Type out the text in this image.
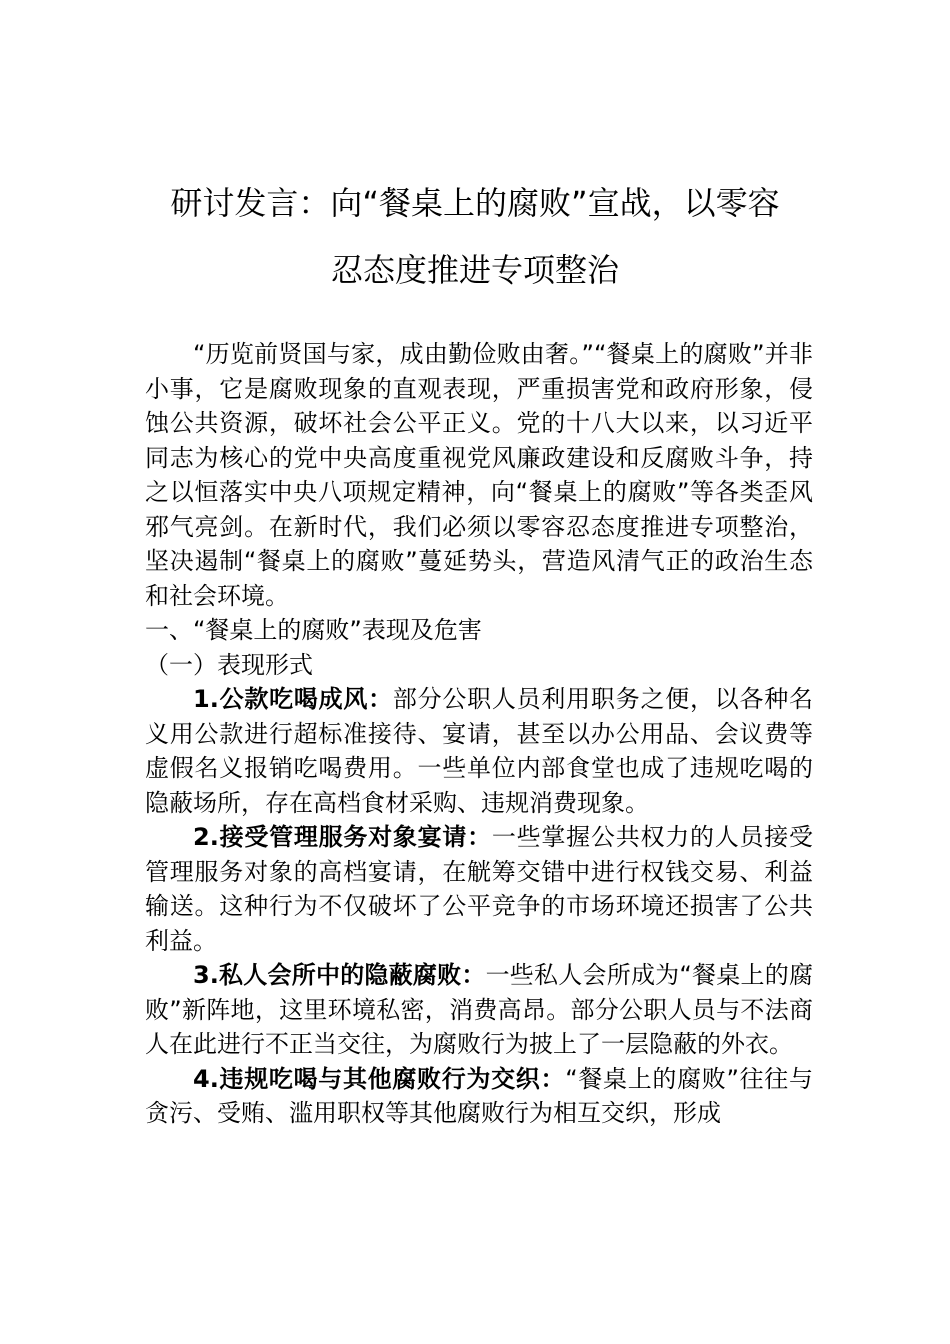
研讨发言：向“餐桌上的腐败”宣战，以零容
忍态度推进专项整治

“历览前贤国与家，成由勤俭败由奢。”“餐桌上的腐败”并非小事，它是腐败现象的直观表现，严重损害党和政府形象，侵蚀公共资源，破坏社会公平正义。党的十八大以来，以习近平同志为核心的党中央高度重视党风廉政建设和反腐败斗争，持之以恒落实中央八项规定精神，向“餐桌上的腐败”等各类歪风邪气亮剑。在新时代，我们必须以零容忍态度推进专项整治，坚决遏制“餐桌上的腐败”蔓延势头，营造风清气正的政治生态和社会环境。

一、“餐桌上的腐败”表现及危害

（一）表现形式

1.公款吃喝成风：部分公职人员利用职务之便，以各种名义用公款进行超标准接待、宴请，甚至以办公用品、会议费等虚假名义报销吃喝费用。一些单位内部食堂也成了违规吃喝的隐蔽场所，存在高档食材采购、违规消费现象。

2.接受管理服务对象宴请：一些掌握公共权力的人员接受管理服务对象的高档宴请，在觥筹交错中进行权钱交易、利益输送。这种行为不仅破坏了公平竞争的市场环境还损害了公共利益。

3.私人会所中的隐蔽腐败：一些私人会所成为“餐桌上的腐败”新阵地，这里环境私密，消费高昂。部分公职人员与不法商人在此进行不正当交往，为腐败行为披上了一层隐蔽的外衣。

4.违规吃喝与其他腐败行为交织：“餐桌上的腐败”往往与贪污、受贿、滥用职权等其他腐败行为相互交织，形成
